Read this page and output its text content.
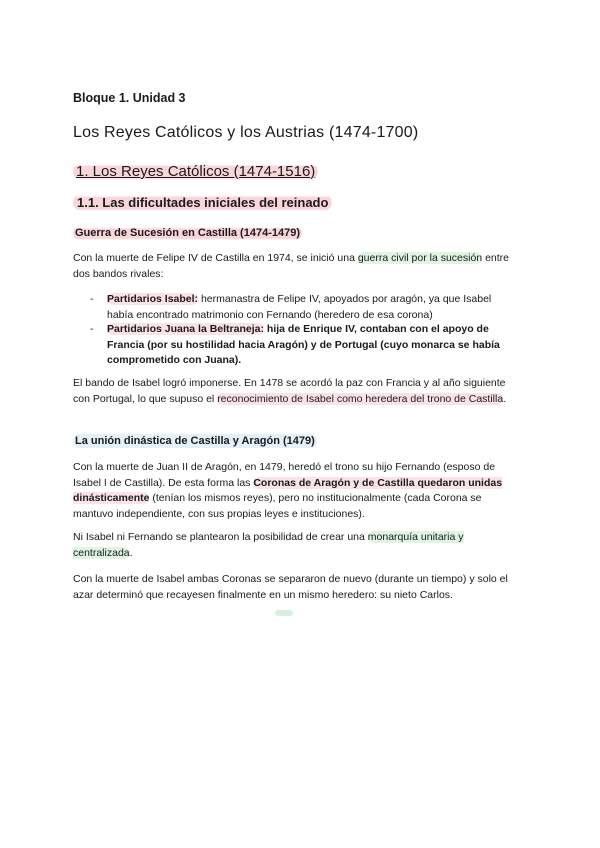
Bloque 1. Unidad 3
Los Reyes Católicos y los Austrias (1474-1700)
1. Los Reyes Católicos (1474-1516)
1.1. Las dificultades iniciales del reinado
Guerra de Sucesión en Castilla (1474-1479)
Con la muerte de Felipe IV de Castilla en 1974, se inició una guerra civil por la sucesión entre dos bandos rivales:
- Partidarios Isabel: hermanastra de Felipe IV, apoyados por aragón, ya que Isabel había encontrado matrimonio con Fernando (heredero de esa corona)
- Partidarios Juana la Beltraneja: hija de Enrique IV, contaban con el apoyo de Francia (por su hostilidad hacia Aragón) y de Portugal (cuyo monarca se había comprometido con Juana).
El bando de Isabel logró imponerse. En 1478 se acordó la paz con Francia y al año siguiente con Portugal, lo que supuso el reconocimiento de Isabel como heredera del trono de Castilla.
La unión dinástica de Castilla y Aragón (1479)
Con la muerte de Juan II de Aragón, en 1479, heredó el trono su hijo Fernando (esposo de Isabel I de Castilla). De esta forma las Coronas de Aragón y de Castilla quedaron unidas dinásticamente (tenían los mismos reyes), pero no institucionalmente (cada Corona se mantuvo independiente, con sus propias leyes e instituciones).
Ni Isabel ni Fernando se plantearon la posibilidad de crear una monarquía unitaria y centralizada.
Con la muerte de Isabel ambas Coronas se separaron de nuevo (durante un tiempo) y solo el azar determinó que recayesen finalmente en un mismo heredero: su nieto Carlos.
